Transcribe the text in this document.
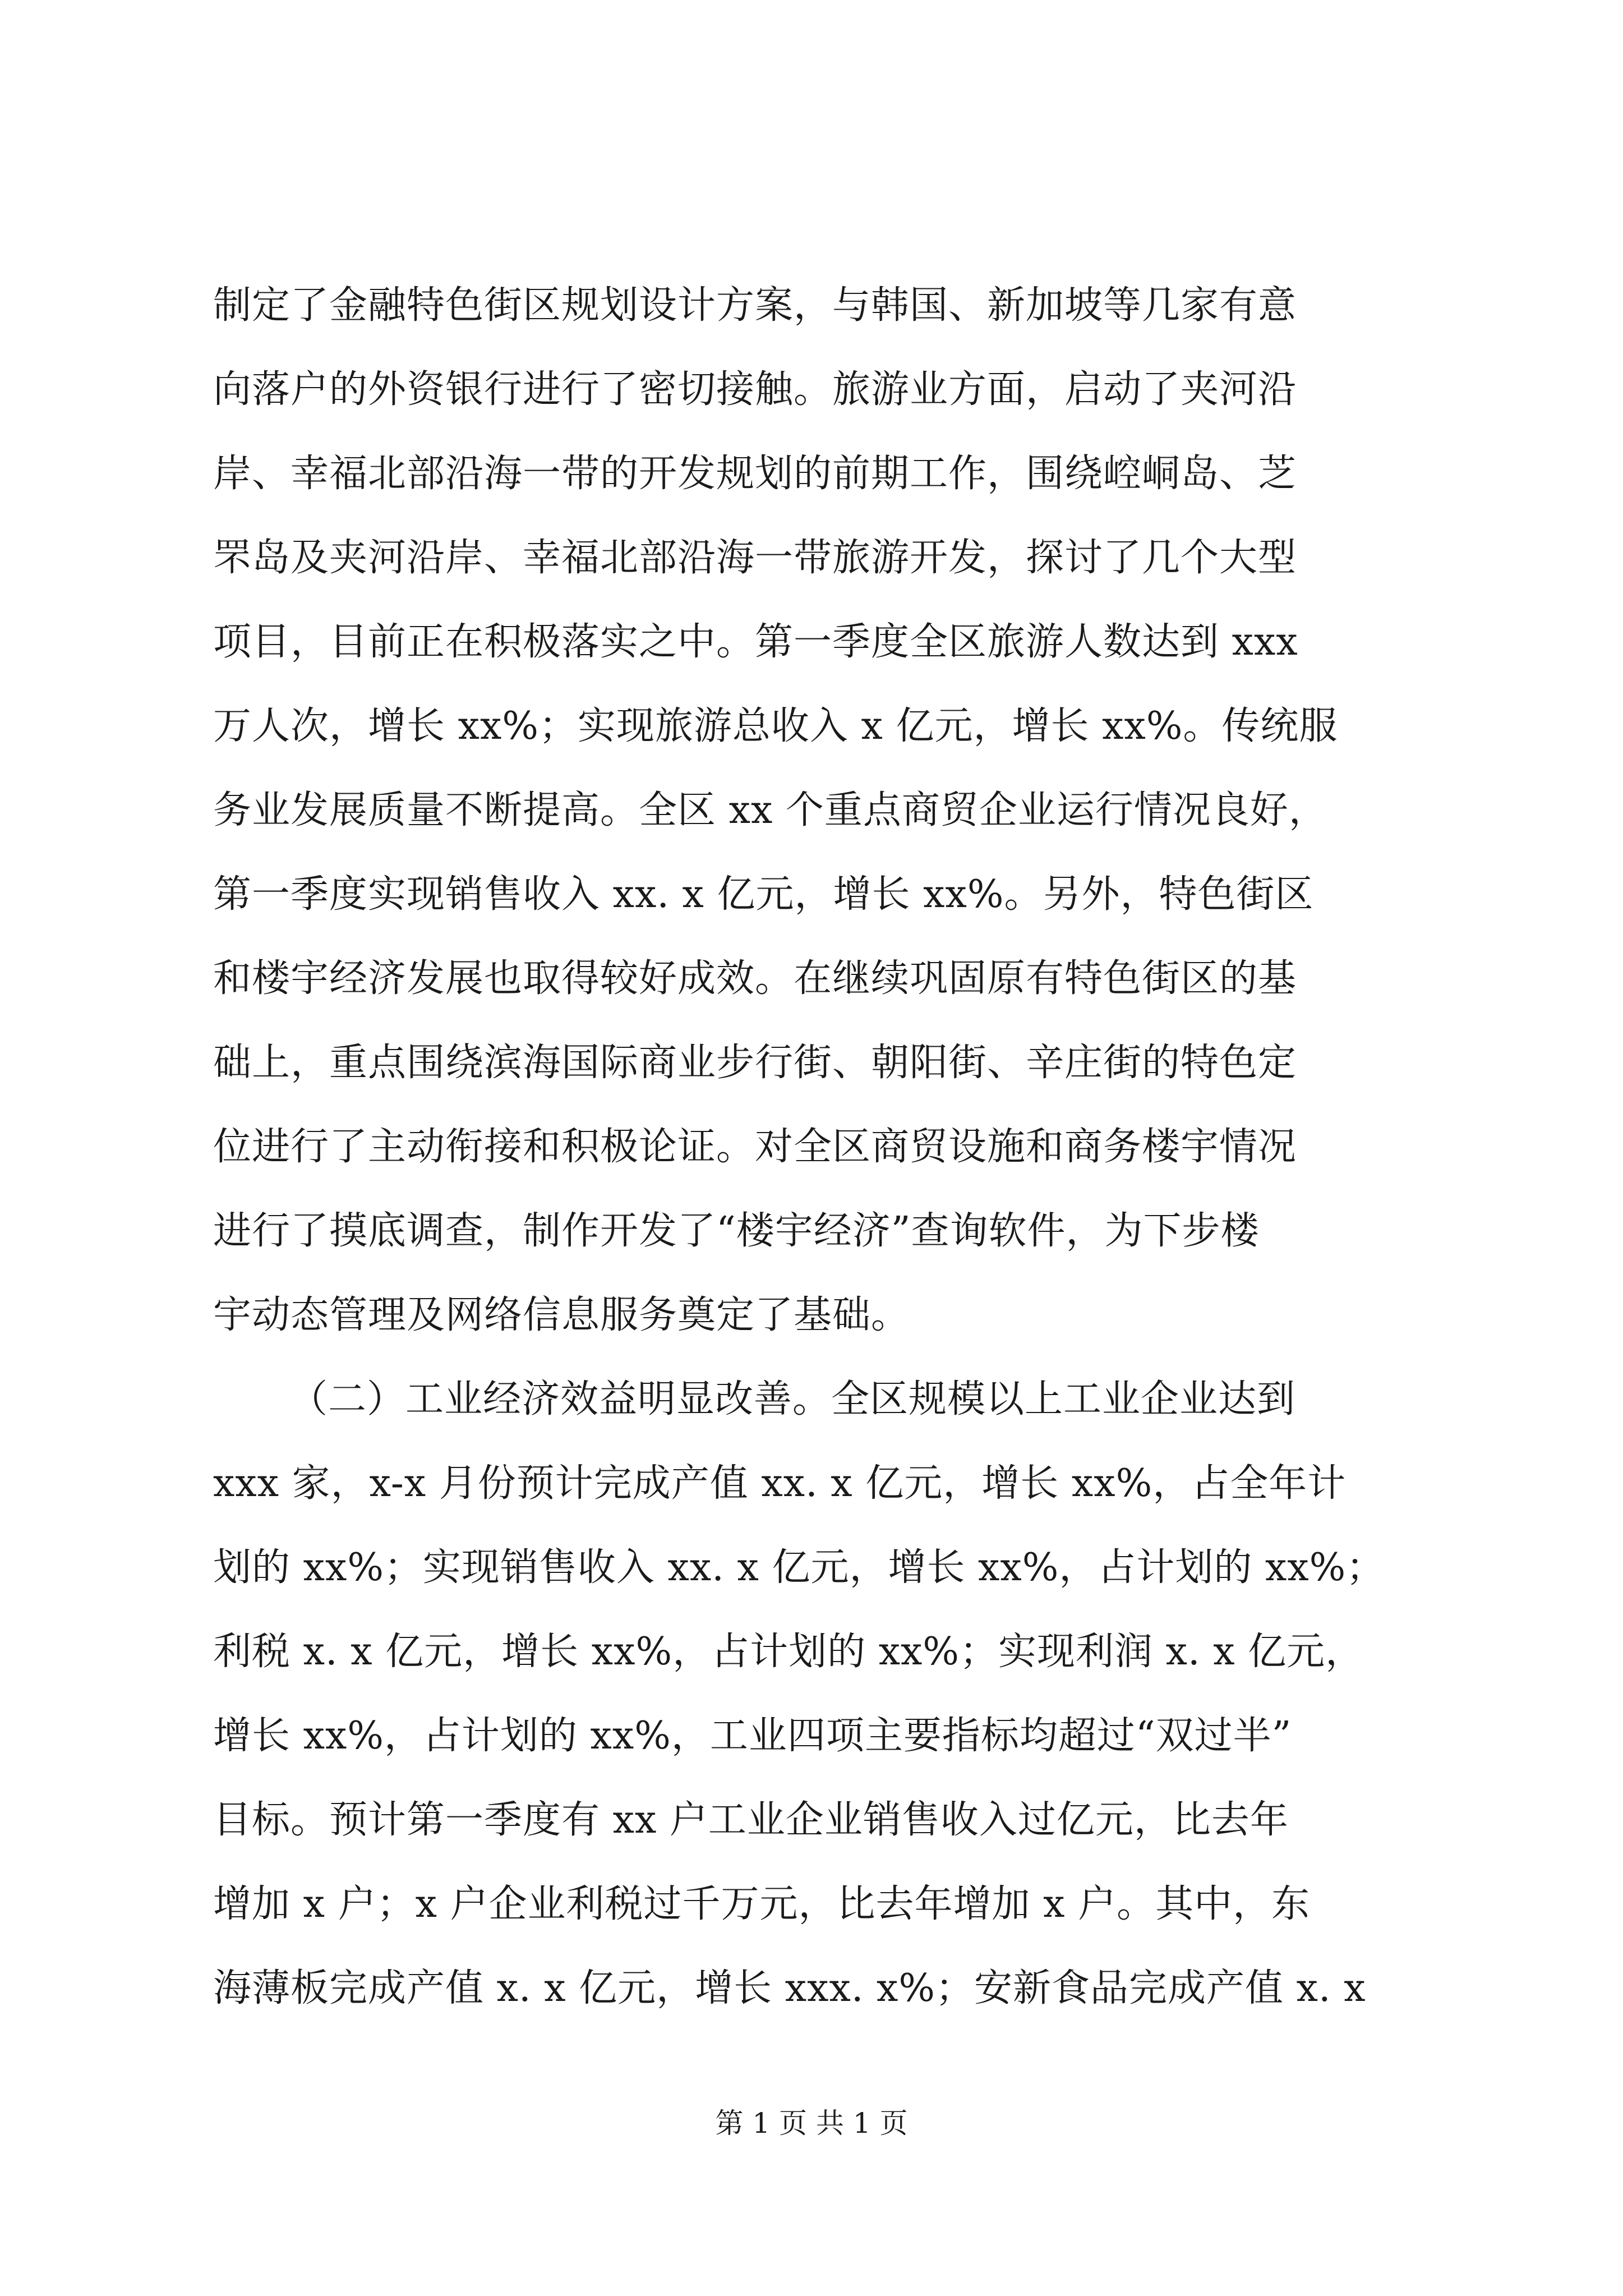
制定了金融特色街区规划设计方案，与韩国、新加坡等几家有意
向落户的外资银行进行了密切接触。旅游业方面，启动了夹河沿
岸、幸福北部沿海一带的开发规划的前期工作，围绕崆峒岛、芝
罘岛及夹河沿岸、幸福北部沿海一带旅游开发，探讨了几个大型
项目，目前正在积极落实之中。第一季度全区旅游人数达到 xxx
万人次，增长 xx%；实现旅游总收入 x 亿元，增长 xx%。传统服
务业发展质量不断提高。全区 xx 个重点商贸企业运行情况良好，
第一季度实现销售收入 xx. x 亿元，增长 xx%。另外，特色街区
和楼宇经济发展也取得较好成效。在继续巩固原有特色街区的基
础上，重点围绕滨海国际商业步行街、朝阳街、辛庄街的特色定
位进行了主动衔接和积极论证。对全区商贸设施和商务楼宇情况
进行了摸底调查，制作开发了“楼宇经济”查询软件，为下步楼
宇动态管理及网络信息服务奠定了基础。
（二）工业经济效益明显改善。全区规模以上工业企业达到
xxx 家，x-x 月份预计完成产值 xx. x 亿元，增长 xx%，占全年计
划的 xx%；实现销售收入 xx. x 亿元，增长 xx%，占计划的 xx%；
利税 x. x 亿元，增长 xx%，占计划的 xx%；实现利润 x. x 亿元，
增长 xx%，占计划的 xx%，工业四项主要指标均超过“双过半”
目标。预计第一季度有 xx 户工业企业销售收入过亿元，比去年
增加 x 户；x 户企业利税过千万元，比去年增加 x 户。其中，东
海薄板完成产值 x. x 亿元，增长 xxx. x%；安新食品完成产值 x. x
第 1 页 共 1 页
